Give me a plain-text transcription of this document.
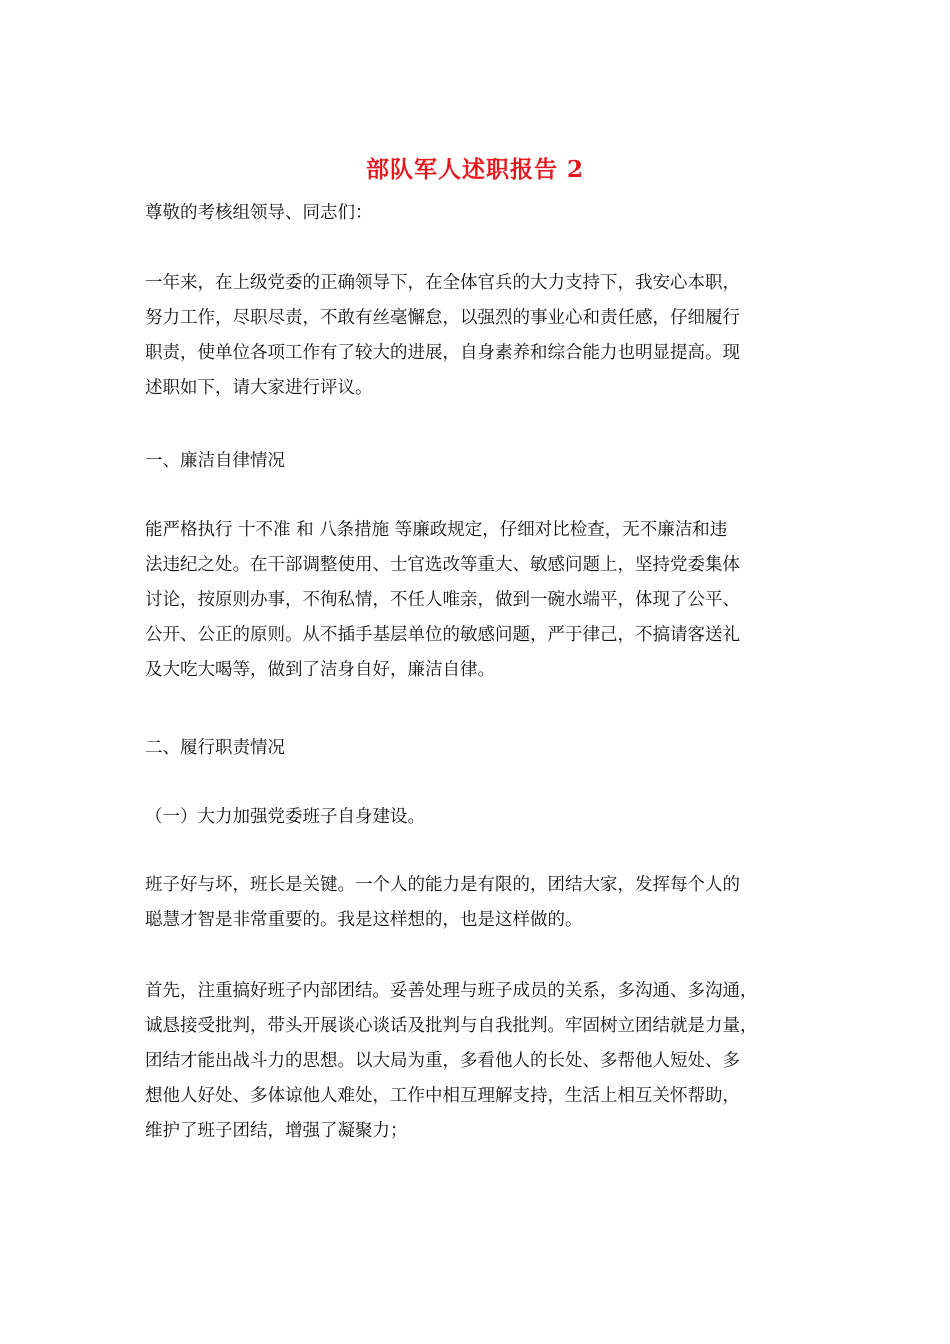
部队军人述职报告 2

尊敬的考核组领导、同志们：

一年来，在上级党委的正确领导下，在全体官兵的大力支持下，我安心本职，
努力工作，尽职尽责，不敢有丝毫懈怠，以强烈的事业心和责任感，仔细履行
职责，使单位各项工作有了较大的进展，自身素养和综合能力也明显提高。现
述职如下，请大家进行评议。

一、廉洁自律情况

能严格执行 十不准 和 八条措施 等廉政规定，仔细对比检查，无不廉洁和违
法违纪之处。在干部调整使用、士官选改等重大、敏感问题上，坚持党委集体
讨论，按原则办事，不徇私情，不任人唯亲，做到一碗水端平，体现了公平、
公开、公正的原则。从不插手基层单位的敏感问题，严于律己，不搞请客送礼
及大吃大喝等，做到了洁身自好，廉洁自律。

二、履行职责情况

（一）大力加强党委班子自身建设。

班子好与坏，班长是关键。一个人的能力是有限的，团结大家，发挥每个人的
聪慧才智是非常重要的。我是这样想的，也是这样做的。

首先，注重搞好班子内部团结。妥善处理与班子成员的关系，多沟通、多沟通，
诚恳接受批判，带头开展谈心谈话及批判与自我批判。牢固树立团结就是力量，
团结才能出战斗力的思想。以大局为重，多看他人的长处、多帮他人短处、多
想他人好处、多体谅他人难处，工作中相互理解支持，生活上相互关怀帮助，
维护了班子团结，增强了凝聚力；
